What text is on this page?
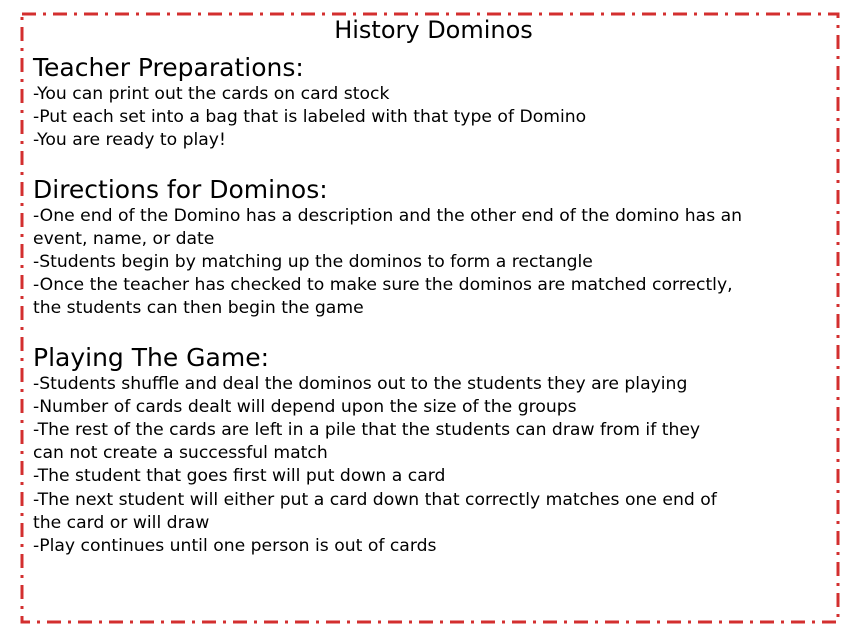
History Dominos

Teacher Preparations:

-You can print out the cards on card stock

-Put each set into a bag that is labeled with that type of Domino

-You are ready to play!

Directions for Dominos:

-One end of the Domino has a description and the other end of the domino has an

event, name, or date

-Students begin by matching up the dominos to form a rectangle

-Once the teacher has checked to make sure the dominos are matched correctly,

the students can then begin the game

Playing The Game:

-Students shuffle and deal the dominos out to the students they are playing

-Number of cards dealt will depend upon the size of the groups

-The rest of the cards are left in a pile that the students can draw from if they

can not create a successful match

-The student that goes first will put down a card

-The next student will either put a card down that correctly matches one end of

the card or will draw

-Play continues until one person is out of cards
